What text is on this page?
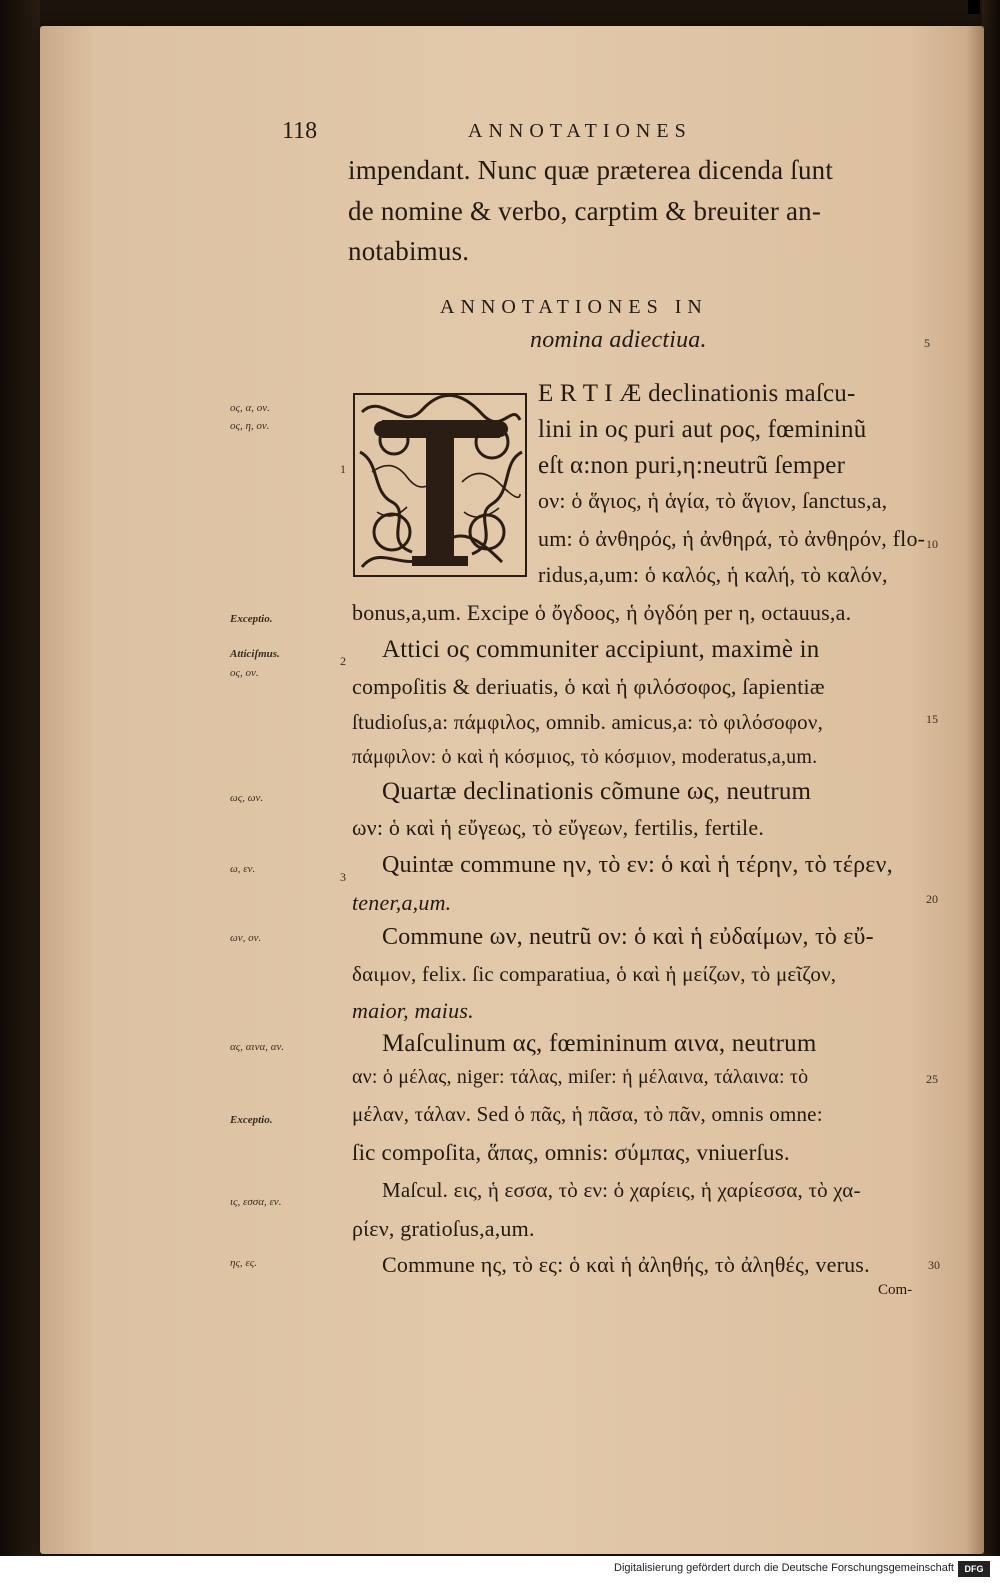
118	ANNOTATIONES
impendant. Nunc quæ præterea dicenda ſunt
de nomine & verbo, carptim & breuiter an-
notabimus.
ANNOTATIONES IN
nomina adiectiua.
ος, α, ον.
ος, η, ον.
Exceptio.
Atticiſmus.
ος, ον.
ως, ων.
ω, εν.
ων, ον.
ας, αινα, αν.
Exceptio.
ις, εσσα, εν.
ης, ες.
5
1
10
2
15
3
20
25
30
E R T I Æ declinationis maſcu-
lini in ος puri aut ρος, fœmininũ
eſt α:non puri,η:neutrũ ſemper
ον: ὁ ἅγιος, ἡ ἁγία, τὸ ἅγιον, ſanctus,a,
um: ὁ ἀνθηρός, ἡ ἀνθηρά, τὸ ἀνθηρόν, flo-
ridus,a,um: ὁ καλός, ἡ καλή, τὸ καλόν,
bonus,a,um. Excipe ὁ ὄγδοος, ἡ ὀγδόη per η, octauus,a.
Attici ος communiter accipiunt, maximè in
compoſitis & deriuatis, ὁ καὶ ἡ φιλόσοφος, ſapientiæ
ſtudioſus,a: πάμφιλος, omnib. amicus,a: τὸ φιλόσοφον,
πάμφιλον: ὁ καὶ ἡ κόσμιος, τὸ κόσμιον, moderatus,a,um.
Quartæ declinationis cõmune ως, neutrum
ων: ὁ καὶ ἡ εὔγεως, τὸ εὔγεων, fertilis, fertile.
Quintæ commune ην, τὸ εν: ὁ καὶ ἡ τέρην, τὸ τέρεν,
tener,a,um.
Commune ων, neutrũ ον: ὁ καὶ ἡ εὐδαίμων, τὸ εὔ-
δαιμον, felix. ſic comparatiua, ὁ καὶ ἡ μείζων, τὸ μεῖζον,
maior, maius.
Maſculinum ας, fœmininum αινα, neutrum
αν: ὁ μέλας, niger: τάλας, miſer: ἡ μέλαινα, τάλαινα: τὸ
μέλαν, τάλαν. Sed ὁ πᾶς, ἡ πᾶσα, τὸ πᾶν, omnis omne:
ſic compoſita, ἅπας, omnis: σύμπας, vniuerſus.
Maſcul. εις, ἡ εσσα, τὸ εν: ὁ χαρίεις, ἡ χαρίεσσα, τὸ χα-
ρίεν, gratioſus,a,um.
Commune ης, τὸ ες: ὁ καὶ ἡ ἀληθής, τὸ ἀληθές, verus.
Com-
Digitalisierung gefördert durch die Deutsche Forschungsgemeinschaft	DFG
